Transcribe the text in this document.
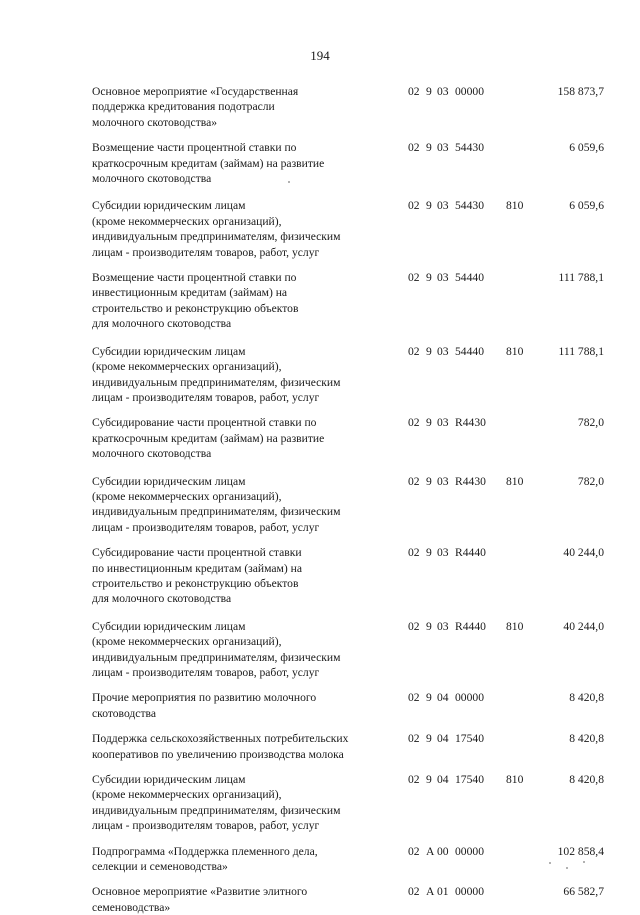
194
Основное мероприятие «Государственная
поддержка кредитования подотрасли
молочного скотоводства»
02 9 03 00000	158 873,7
Возмещение части процентной ставки по
краткосрочным кредитам (займам) на развитие
молочного скотоводства
02 9 03 54430	6 059,6
Субсидии юридическим лицам
(кроме некоммерческих организаций),
индивидуальным предпринимателям, физическим
лицам - производителям товаров, работ, услуг
02 9 03 54430 810	6 059,6
Возмещение части процентной ставки по
инвестиционным кредитам (займам) на
строительство и реконструкцию объектов
для молочного скотоводства
02 9 03 54440	111 788,1
Субсидии юридическим лицам
(кроме некоммерческих организаций),
индивидуальным предпринимателям, физическим
лицам - производителям товаров, работ, услуг
02 9 03 54440 810	111 788,1
Субсидирование части процентной ставки по
краткосрочным кредитам (займам) на развитие
молочного скотоводства
02 9 03 R4430	782,0
Субсидии юридическим лицам
(кроме некоммерческих организаций),
индивидуальным предпринимателям, физическим
лицам - производителям товаров, работ, услуг
02 9 03 R4430 810	782,0
Субсидирование части процентной ставки
по инвестиционным кредитам (займам) на
строительство и реконструкцию объектов
для молочного скотоводства
02 9 03 R4440	40 244,0
Субсидии юридическим лицам
(кроме некоммерческих организаций),
индивидуальным предпринимателям, физическим
лицам - производителям товаров, работ, услуг
02 9 03 R4440 810	40 244,0
Прочие мероприятия по развитию молочного
скотоводства
02 9 04 00000	8 420,8
Поддержка сельскохозяйственных потребительских
кооперативов по увеличению производства молока
02 9 04 17540	8 420,8
Субсидии юридическим лицам
(кроме некоммерческих организаций),
индивидуальным предпринимателям, физическим
лицам - производителям товаров, работ, услуг
02 9 04 17540 810	8 420,8
Подпрограмма «Поддержка племенного дела,
селекции и семеноводства»
02 А 00 00000	102 858,4
Основное мероприятие «Развитие элитного
семеноводства»
02 А 01 00000	66 582,7
